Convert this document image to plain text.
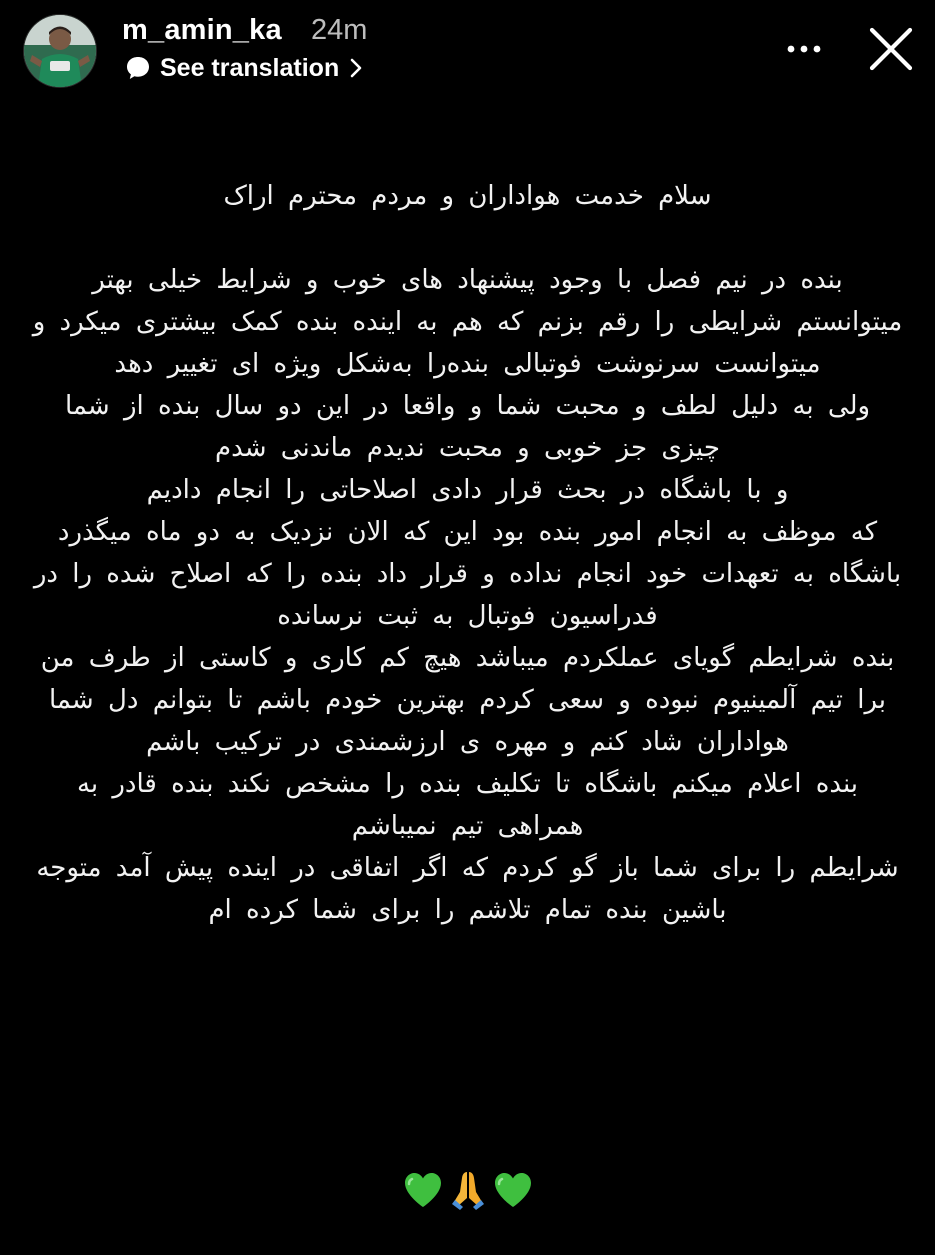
m_amin_ka 24m
See translation

سلام خدمت هواداران و مردم محترم اراک

بنده در نیم فصل با وجود پیشنهاد های خوب و شرایط خیلی بهتر

میتوانستم شرایطی را رقم بزنم که هم به اینده بنده کمک بیشتری میکرد و میتوانست سرنوشت فوتبالی بندەرا بەشکل ویژه ای تغییر دهد

ولی به دلیل لطف و محبت شما و واقعا در این دو سال بنده از شما چیزی جز خوبی و محبت ندیدم ماندنی شدم

و با باشگاه در بحث قرار دادی اصلاحاتی را انجام دادیم

که موظف به انجام امور بنده بود این که الان نزدیک به دو ماه میگذرد باشگاه به تعهدات خود انجام نداده و قرار داد بنده را که اصلاح شده را در فدراسیون فوتبال به ثبت نرسانده

بنده شرایطم گویای عملکردم میباشد هیچ کم کاری و کاستی از طرف من برا تیم آلمینیوم نبوده و سعی کردم بهترین خودم باشم تا بتوانم دل شما هواداران شاد کنم و مهره ی ارزشمندی در ترکیب باشم

بنده اعلام میکنم باشگاه تا تکلیف بنده را مشخص نکند بنده قادر به همراهی تیم نمیباشم

شرایطم را برای شما باز گو کردم که اگر اتفاقی در اینده پیش آمد متوجه باشین بنده تمام تلاشم را برای شما کرده ام
